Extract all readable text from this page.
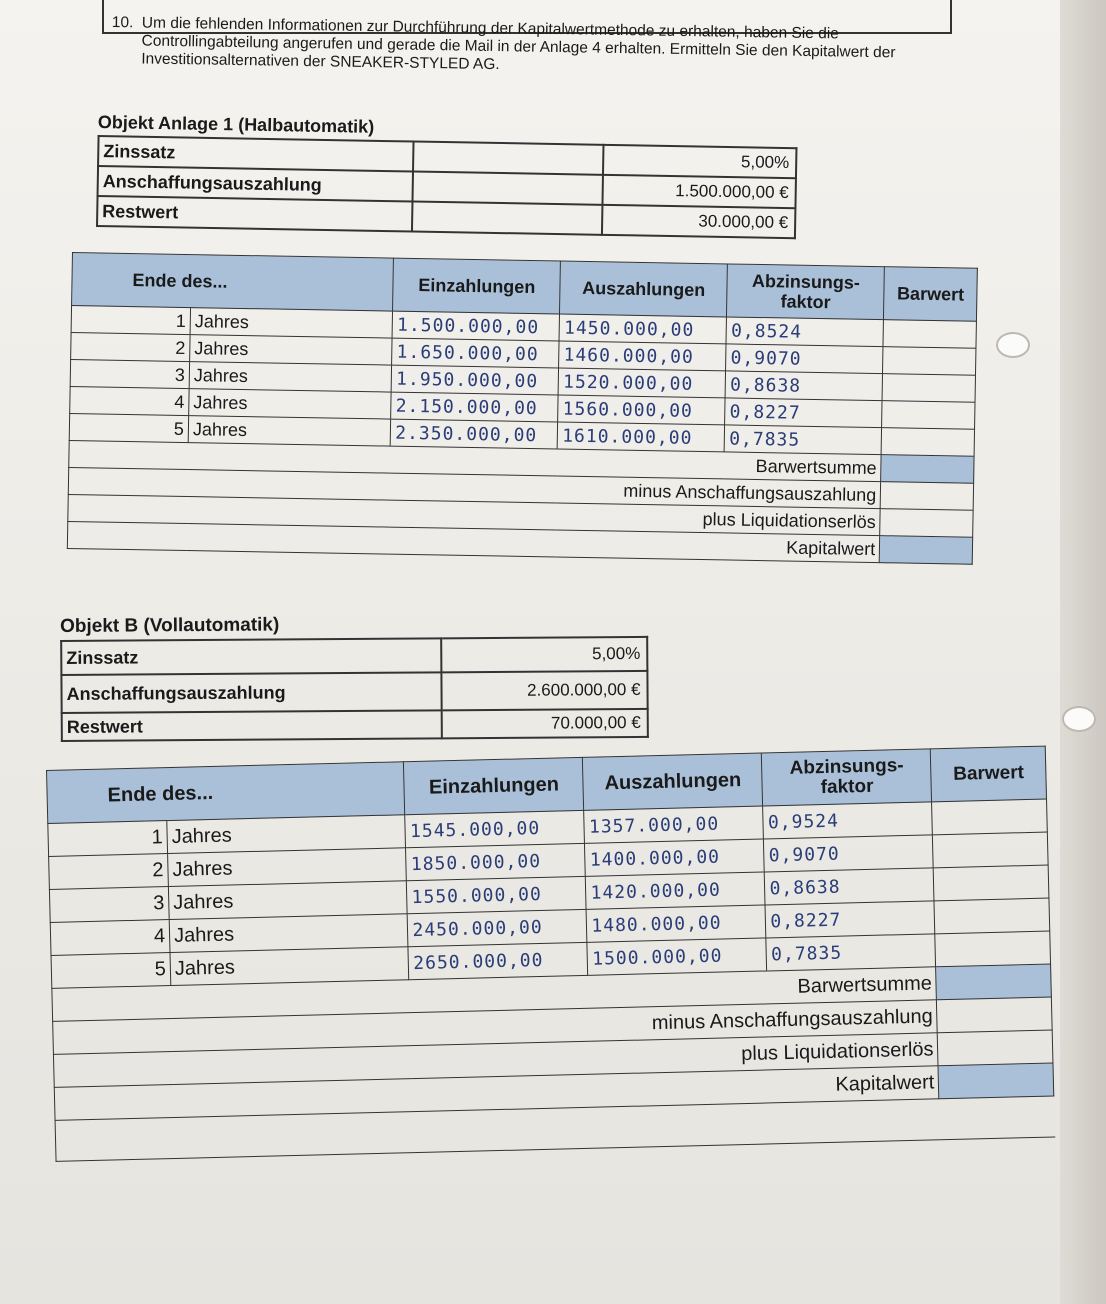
10. Um die fehlenden Informationen zur Durchführung der Kapitalwertmethode zu erhalten, haben Sie die Controllingabteilung angerufen und gerade die Mail in der Anlage 4 erhalten. Ermitteln Sie den Kapitalwert der Investitionsalternativen der SNEAKER-STYLED AG.
Objekt Anlage 1 (Halbautomatik)
Zinssatz		5,00%
Anschaffungsauszahlung		1.500.000,00 €
Restwert		30.000,00 €
Ende des...		Einzahlungen	Auszahlungen	Abzinsungs-
faktor	Barwert
1	Jahres	1.500.000,00	1450.000,00	0,8524	
2	Jahres	1.650.000,00	1460.000,00	0,9070	
3	Jahres	1.950.000,00	1520.000,00	0,8638	
4	Jahres	2.150.000,00	1560.000,00	0,8227	
5	Jahres	2.350.000,00	1610.000,00	0,7835	
Barwertsumme					
minus Anschaffungsauszahlung					
plus Liquidationserlös					
Kapitalwert					
Objekt B (Vollautomatik)
Zinssatz	5,00%
Anschaffungsauszahlung	2.600.000,00 €
Restwert	70.000,00 €
Ende des...		Einzahlungen	Auszahlungen	Abzinsungs-
faktor	Barwert
1	Jahres	1545.000,00	1357.000,00	0,9524	
2	Jahres	1850.000,00	1400.000,00	0,9070	
3	Jahres	1550.000,00	1420.000,00	0,8638	
4	Jahres	2450.000,00	1480.000,00	0,8227	
5	Jahres	2650.000,00	1500.000,00	0,7835	
Barwertsumme					
minus Anschaffungsauszahlung					
plus Liquidationserlös					
Kapitalwert					
